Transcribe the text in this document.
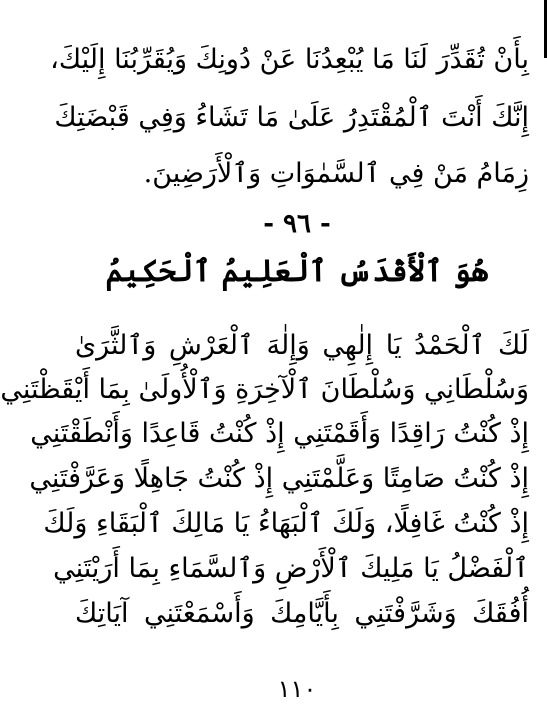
بِأَنْ تُقَدِّرَ لَنَا مَا يُبْعِدُنَا عَنْ دُونِكَ وَيُقَرِّبُنَا إِلَيْكَ،
إِنَّكَ أَنْتَ ٱلْمُقْتَدِرُ عَلَىٰ مَا تَشَاءُ وَفِي قَبْضَتِكَ
زِمَامُ مَنْ فِي ٱلسَّمٰوَاتِ وَٱلْأَرَضِينَ.
- ٩٦ -
هُوَ ٱلْأَقْدَسُ ٱلْعَلِيمُ ٱلْحَكِيمُ
لَكَ ٱلْحَمْدُ يَا إِلٰهِي وَإِلٰهَ ٱلْعَرْشِ وَٱلثَّرَىٰ
وَسُلْطَانِي وَسُلْطَانَ ٱلْآخِرَةِ وَٱلْأُولَىٰ بِمَا أَيْقَظْتَنِي
إِذْ كُنْتُ رَاقِدًا وَأَقَمْتَنِي إِذْ كُنْتُ قَاعِدًا وَأَنْطَقْتَنِي
إِذْ كُنْتُ صَامِتًا وَعَلَّمْتَنِي إِذْ كُنْتُ جَاهِلًا وَعَرَّفْتَنِي
إِذْ كُنْتُ غَافِلًا، وَلَكَ ٱلْبَهَاءُ يَا مَالِكَ ٱلْبَقَاءِ وَلَكَ
ٱلْفَضْلُ يَا مَلِيكَ ٱلْأَرْضِ وَٱلسَّمَاءِ بِمَا أَرَيْتَنِي
أُفُقَكَ وَشَرَّفْتَنِي بِأَيَّامِكَ وَأَسْمَعْتَنِي آيَاتِكَ
١١٠
